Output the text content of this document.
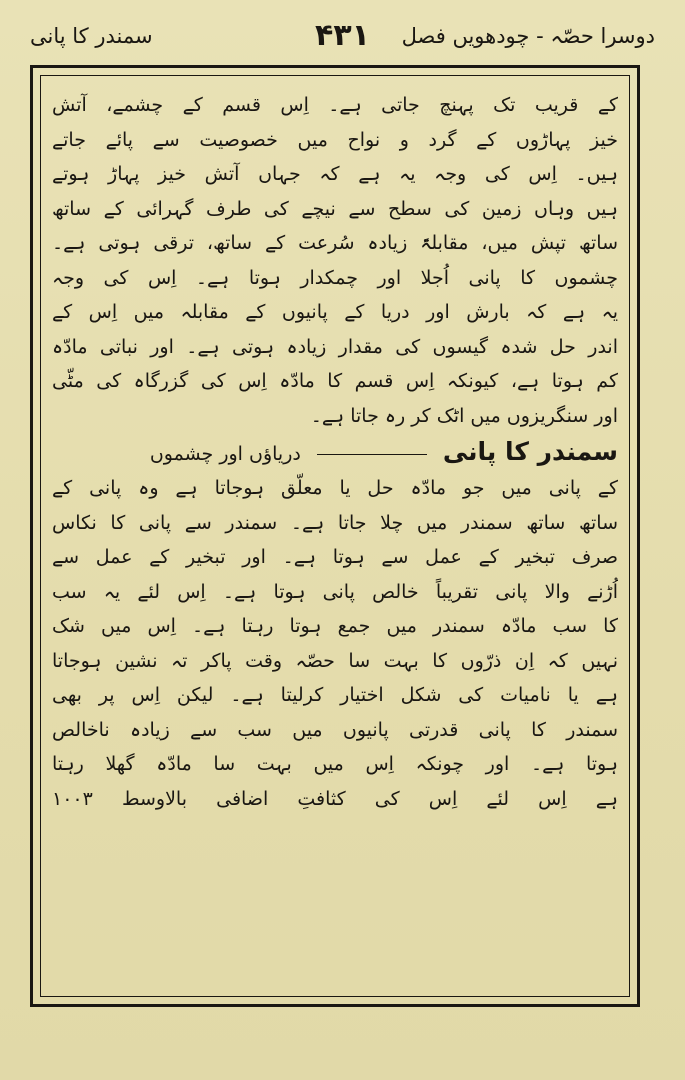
دوسرا حصّہ - چودھویں فصل
۴۳۱
سمندر کا پانی
کے قریب تک پہنچ جاتی ہے۔ اِس قسم کے چشمے، آتش
خیز پہاڑوں کے گرد و نواح میں خصوصیت سے پائے جاتے
ہیں۔ اِس کی وجہ یہ ہے کہ جہاں آتش خیز پہاڑ ہوتے
ہیں وہاں زمین کی سطح سے نیچے کی طرف گہرائی کے ساتھ
ساتھ تپش میں، مقابلۃً زیادہ سُرعت کے ساتھ، ترقی ہوتی ہے۔
چشموں کا پانی اُجلا اور چمکدار ہوتا ہے۔ اِس کی وجہ
یہ ہے کہ بارش اور دریا کے پانیوں کے مقابلہ میں اِس کے
اندر حل شدہ گیسوں کی مقدار زیادہ ہوتی ہے۔ اور نباتی مادّہ
کم ہوتا ہے، کیونکہ اِس قسم کا مادّہ اِس کی گزرگاہ کی مٹّی
اور سنگریزوں میں اٹک کر رہ جاتا ہے۔
سمندر کا پانیدریاؤں اور چشموں
کے پانی میں جو مادّہ حل یا معلّق ہوجاتا ہے وہ پانی کے
ساتھ ساتھ سمندر میں چلا جاتا ہے۔ سمندر سے پانی کا نکاس
صرف تبخیر کے عمل سے ہوتا ہے۔ اور تبخیر کے عمل سے
اُڑنے والا پانی تقریباً خالص پانی ہوتا ہے۔ اِس لئے یہ سب
کا سب مادّہ سمندر میں جمع ہوتا رہتا ہے۔ اِس میں شک
نہیں کہ اِن ذرّوں کا بہت سا حصّہ وقت پاکر تہ نشین ہوجاتا
ہے یا نامیات کی شکل اختیار کرلیتا ہے۔ لیکن اِس پر بھی
سمندر کا پانی قدرتی پانیوں میں سب سے زیادہ ناخالص
ہوتا ہے۔ اور چونکہ اِس میں بہت سا مادّہ گھلا رہتا
ہے اِس لئے اِس کی کثافتِ اضافی بالاوسط ۱۰۰۳
